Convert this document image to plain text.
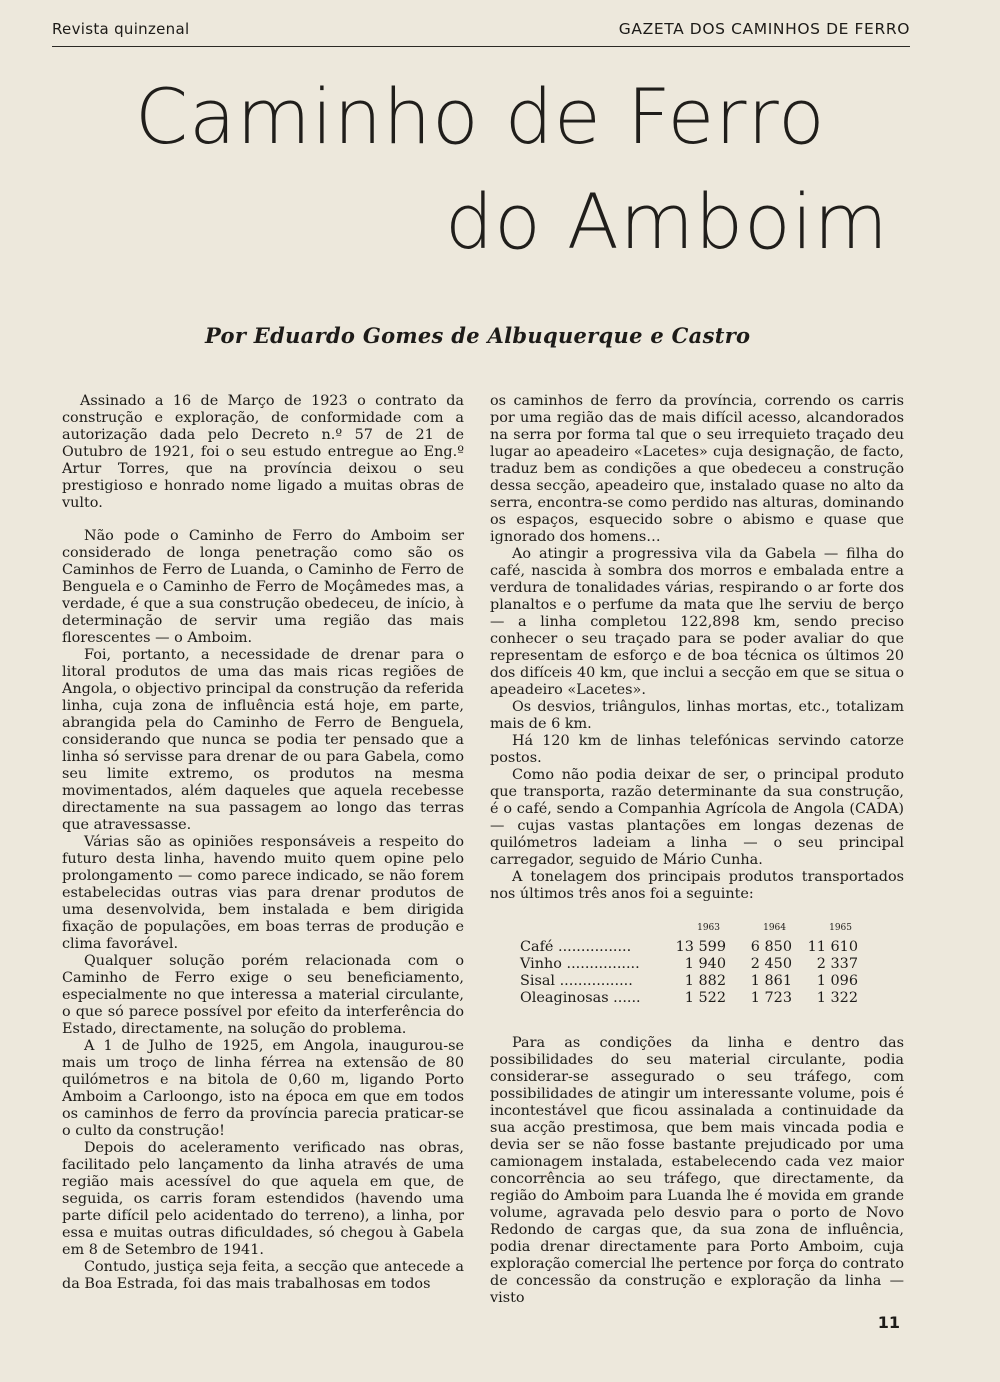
Revista quinzenal	GAZETA DOS CAMINHOS DE FERRO
Caminho de Ferro
do Amboim
Por Eduardo Gomes de Albuquerque e Castro

Assinado a 16 de Março de 1923 o contrato da construção e exploração, de conformidade com a autorização dada pelo Decreto n.º 57 de 21 de Outubro de 1921, foi o seu estudo entregue ao Eng.º Artur Torres, que na província deixou o seu prestigioso e honrado nome ligado a muitas obras de vulto.

Não pode o Caminho de Ferro do Amboim ser considerado de longa penetração como são os Caminhos de Ferro de Luanda, o Caminho de Ferro de Benguela e o Caminho de Ferro de Moçâmedes mas, a verdade, é que a sua construção obedeceu, de início, à determinação de servir uma região das mais florescentes — o Amboim.

Foi, portanto, a necessidade de drenar para o litoral produtos de uma das mais ricas regiões de Angola, o objectivo principal da construção da referida linha, cuja zona de influência está hoje, em parte, abrangida pela do Caminho de Ferro de Benguela, considerando que nunca se podia ter pensado que a linha só servisse para drenar de ou para Gabela, como seu limite extremo, os produtos na mesma movimentados, além daqueles que aquela recebesse directamente na sua passagem ao longo das terras que atravessasse.

Várias são as opiniões responsáveis a respeito do futuro desta linha, havendo muito quem opine pelo prolongamento — como parece indicado, se não forem estabelecidas outras vias para drenar produtos de uma desenvolvida, bem instalada e bem dirigida fixação de populações, em boas terras de produção e clima favorável.

Qualquer solução porém relacionada com o Caminho de Ferro exige o seu beneficiamento, especialmente no que interessa a material circulante, o que só parece possível por efeito da interferência do Estado, directamente, na solução do problema.

A 1 de Julho de 1925, em Angola, inaugurou-se mais um troço de linha férrea na extensão de 80 quilómetros e na bitola de 0,60 m, ligando Porto Amboim a Carloongo, isto na época em que em todos os caminhos de ferro da província parecia praticar-se o culto da construção!

Depois do aceleramento verificado nas obras, facilitado pelo lançamento da linha através de uma região mais acessível do que aquela em que, de seguida, os carris foram estendidos (havendo uma parte difícil pelo acidentado do terreno), a linha, por essa e muitas outras dificuldades, só chegou à Gabela em 8 de Setembro de 1941.

Contudo, justiça seja feita, a secção que antecede a da Boa Estrada, foi das mais trabalhosas em todos

os caminhos de ferro da província, correndo os carris por uma região das de mais difícil acesso, alcandorados na serra por forma tal que o seu irrequieto traçado deu lugar ao apeadeiro «Lacetes» cuja designação, de facto, traduz bem as condições a que obedeceu a construção dessa secção, apeadeiro que, instalado quase no alto da serra, encontra-se como perdido nas alturas, dominando os espaços, esquecido sobre o abismo e quase que ignorado dos homens…

Ao atingir a progressiva vila da Gabela — filha do café, nascida à sombra dos morros e embalada entre a verdura de tonalidades várias, respirando o ar forte dos planaltos e o perfume da mata que lhe serviu de berço — a linha completou 122,898 km, sendo preciso conhecer o seu traçado para se poder avaliar do que representam de esforço e de boa técnica os últimos 20 dos difíceis 40 km, que inclui a secção em que se situa o apeadeiro «Lacetes».

Os desvios, triângulos, linhas mortas, etc., totalizam mais de 6 km.

Há 120 km de linhas telefónicas servindo catorze postos.

Como não podia deixar de ser, o principal produto que transporta, razão determinante da sua construção, é o café, sendo a Companhia Agrícola de Angola (CADA) — cujas vastas plantações em longas dezenas de quilómetros ladeiam a linha — o seu principal carregador, seguido de Mário Cunha.

A tonelagem dos principais produtos transportados nos últimos três anos foi a seguinte:

	1963	1964	1965
Café ................	13 599	6 850	11 610
Vinho ................	1 940	2 450	2 337
Sisal ................	1 882	1 861	1 096
Oleaginosas ......	1 522	1 723	1 322

Para as condições da linha e dentro das possibilidades do seu material circulante, podia considerar-se assegurado o seu tráfego, com possibilidades de atingir um interessante volume, pois é incontestável que ficou assinalada a continuidade da sua acção prestimosa, que bem mais vincada podia e devia ser se não fosse bastante prejudicado por uma camionagem instalada, estabelecendo cada vez maior concorrência ao seu tráfego, que directamente, da região do Amboim para Luanda lhe é movida em grande volume, agravada pelo desvio para o porto de Novo Redondo de cargas que, da sua zona de influência, podia drenar directamente para Porto Amboim, cuja exploração comercial lhe pertence por força do contrato de concessão da construção e exploração da linha — visto

11
